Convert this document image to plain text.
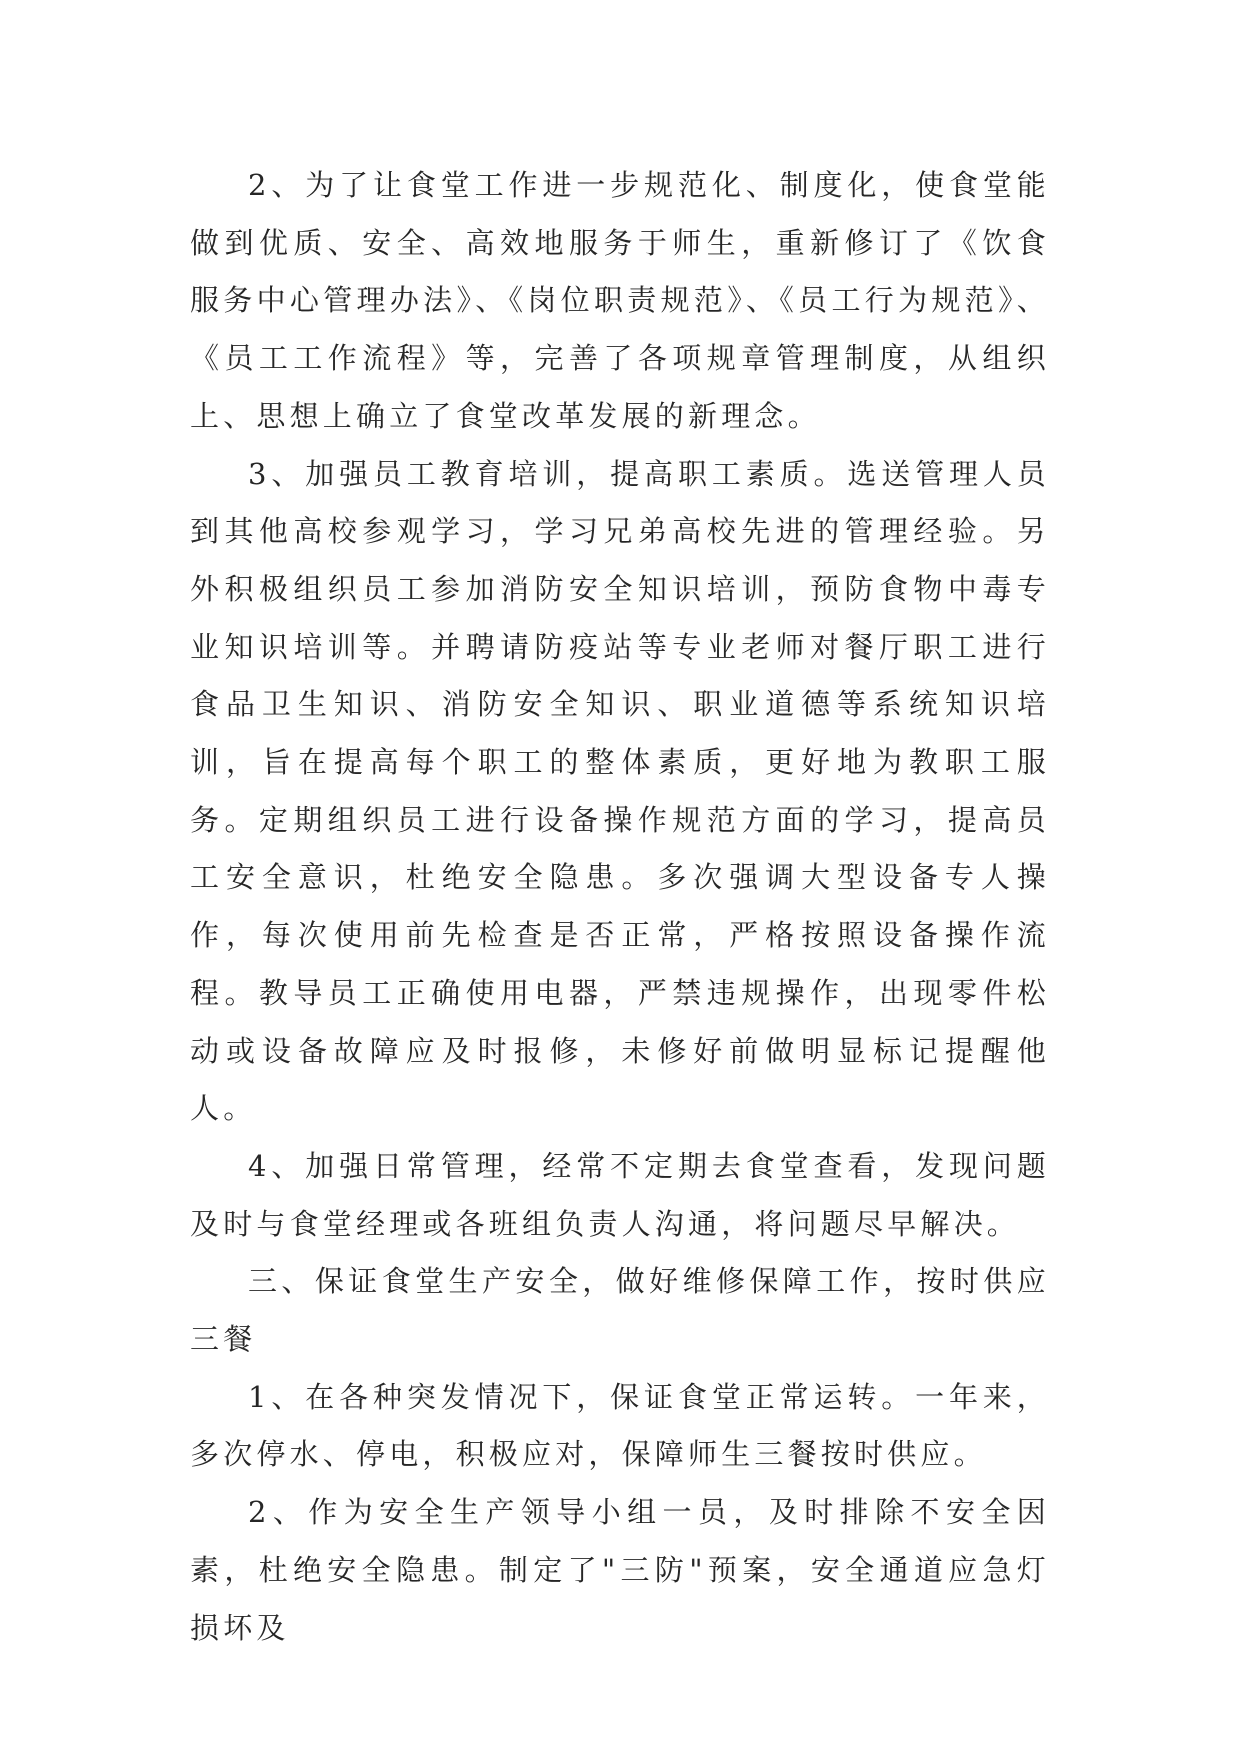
2、为了让食堂工作进一步规范化、制度化，使食堂能做到优质、安全、高效地服务于师生，重新修订了《饮食服务中心管理办法》、《岗位职责规范》、《员工行为规范》、《员工工作流程》等，完善了各项规章管理制度，从组织上、思想上确立了食堂改革发展的新理念。

3、加强员工教育培训，提高职工素质。选送管理人员到其他高校参观学习，学习兄弟高校先进的管理经验。另外积极组织员工参加消防安全知识培训，预防食物中毒专业知识培训等。并聘请防疫站等专业老师对餐厅职工进行食品卫生知识、消防安全知识、职业道德等系统知识培训，旨在提高每个职工的整体素质，更好地为教职工服务。定期组织员工进行设备操作规范方面的学习，提高员工安全意识，杜绝安全隐患。多次强调大型设备专人操作，每次使用前先检查是否正常，严格按照设备操作流程。教导员工正确使用电器，严禁违规操作，出现零件松动或设备故障应及时报修，未修好前做明显标记提醒他人。

4、加强日常管理，经常不定期去食堂查看，发现问题及时与食堂经理或各班组负责人沟通，将问题尽早解决。

三、保证食堂生产安全，做好维修保障工作，按时供应三餐

1、在各种突发情况下，保证食堂正常运转。一年来，多次停水、停电，积极应对，保障师生三餐按时供应。

2、作为安全生产领导小组一员，及时排除不安全因素，杜绝安全隐患。制定了"三防"预案，安全通道应急灯损坏及
